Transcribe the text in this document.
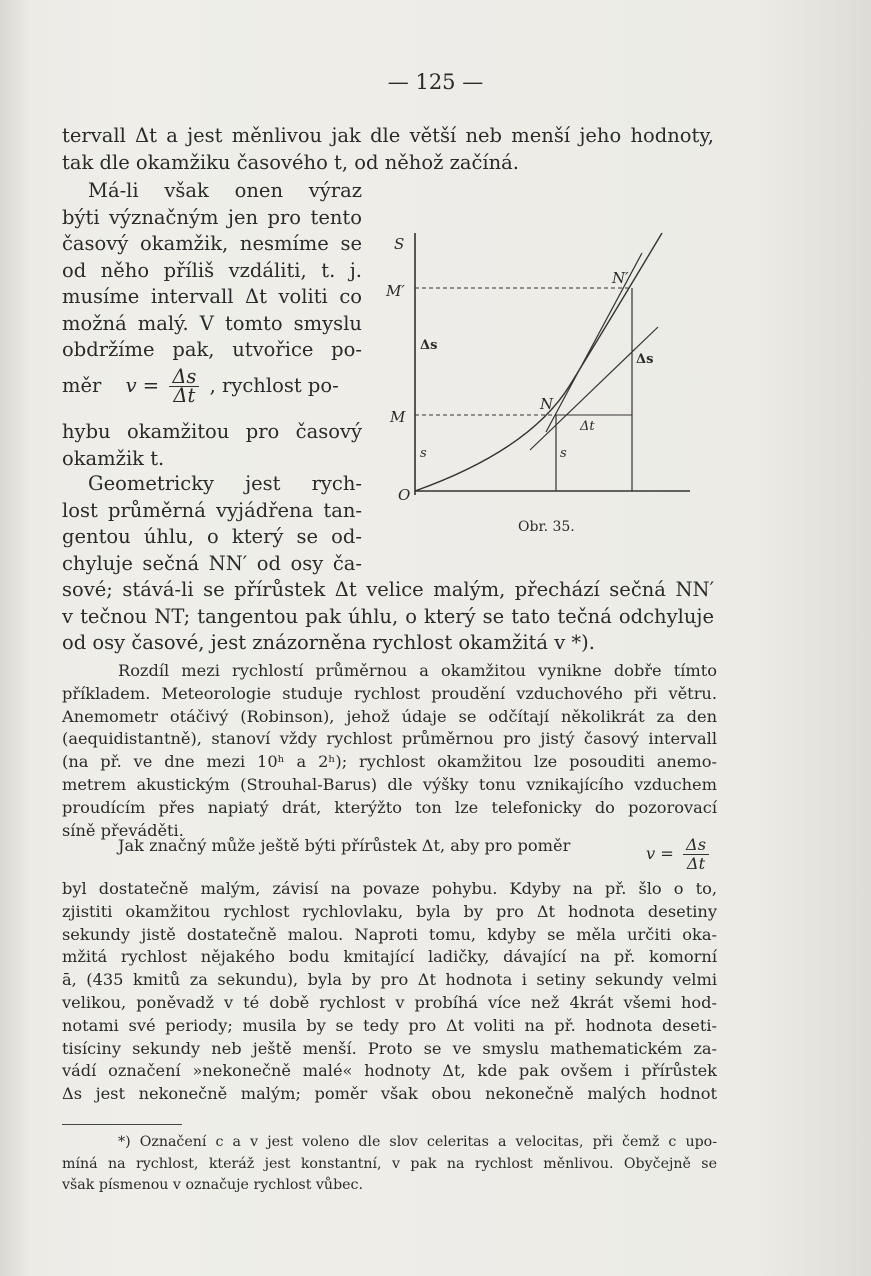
— 125 —
tervall Δt a jest měnlivou jak dle větší neb menší jeho hodnoty,
tak dle okamžiku časového t, od něhož začíná.
Má-li však onen výraz
býti význačným jen pro tento
časový okamžik, nesmíme se
od něho příliš vzdáliti, t. j.
musíme intervall Δt voliti co
možná malý. V tomto smyslu
obdržíme pak, utvořice po-
měr $v = \frac{\Delta s}{\Delta t}$ , rychlost po-
hybu okamžitou pro časový
okamžik t.
Geometricky jest rych-
lost průměrná vyjádřena tan-
gentou úhlu, o který se od-
chyluje sečná NN′ od osy ča-
sové; stává-li se přírůstek Δt velice malým, přechází sečná NN′
v tečnou NT; tangentou pak úhlu, o který se tato tečná odchyluje
od osy časové, jest znázorněna rychlost okamžitá v *).
S
M′
M
O
N′
N
Δs
Δs
Δt
s	s
Obr. 35.
Rozdíl mezi rychlostí průměrnou a okamžitou vynikne dobře tímto
příkladem. Meteorologie studuje rychlost proudění vzduchového při větru.
Anemometr otáčivý (Robinson), jehož údaje se odčítají několikrát za den
(aequidistantně), stanoví vždy rychlost průměrnou pro jistý časový intervall
(na př. ve dne mezi 10ʰ a 2ʰ); rychlost okamžitou lze posouditi anemo-
metrem akustickým (Strouhal-Barus) dle výšky tonu vznikajícího vzduchem
proudícím přes napiatý drát, kterýžto ton lze telefonicky do pozorovací
síně převáděti.
Jak značný může ještě býti přírůstek Δt, aby pro poměr	$v = \frac{\Delta s}{\Delta t}$
byl dostatečně malým, závisí na povaze pohybu. Kdyby na př. šlo o to,
zjistiti okamžitou rychlost rychlovlaku, byla by pro Δt hodnota desetiny
sekundy jistě dostatečně malou. Naproti tomu, kdyby se měla určiti oka-
mžitá rychlost nějakého bodu kmitající ladičky, dávající na př. komorní
ā, (435 kmitů za sekundu), byla by pro Δt hodnota i setiny sekundy velmi
velikou, poněvadž v té době rychlost v probíhá více než 4krát všemi hod-
notami své periody; musila by se tedy pro Δt voliti na př. hodnota deseti-
tisíciny sekundy neb ještě menší. Proto se ve smyslu mathematickém za-
vádí označení »nekonečně malé« hodnoty Δt, kde pak ovšem i přírůstek
Δs jest nekonečně malým; poměr však obou nekonečně malých hodnot
*) Označení c a v jest voleno dle slov celeritas a velocitas, při čemž c upo-
míná na rychlost, kteráž jest konstantní, v pak na rychlost měnlivou. Obyčejně se
však písmenou v označuje rychlost vůbec.
